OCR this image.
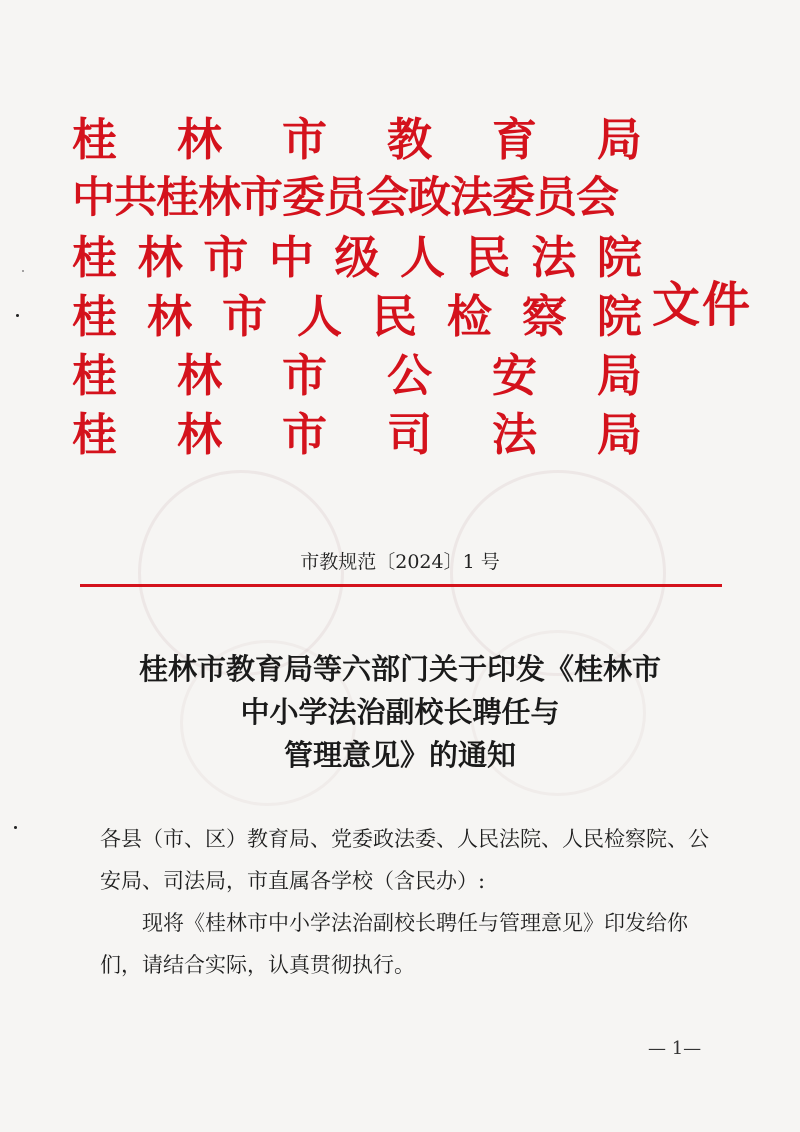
桂 林 市 教 育 局
中共桂林市委员会政法委员会
桂 林 市 中 级 人 民 法 院
桂 林 市 人 民 检 察 院
桂 林 市 公 安 局
桂 林 市 司 法 局
文件
市教规范〔2024〕1 号
桂林市教育局等六部门关于印发《桂林市
中小学法治副校长聘任与
管理意见》的通知

各县（市、区）教育局、党委政法委、人民法院、人民检察院、公

安局、司法局，市直属各学校（含民办）:

现将《桂林市中小学法治副校长聘任与管理意见》印发给你

们，请结合实际，认真贯彻执行。

— 1—
